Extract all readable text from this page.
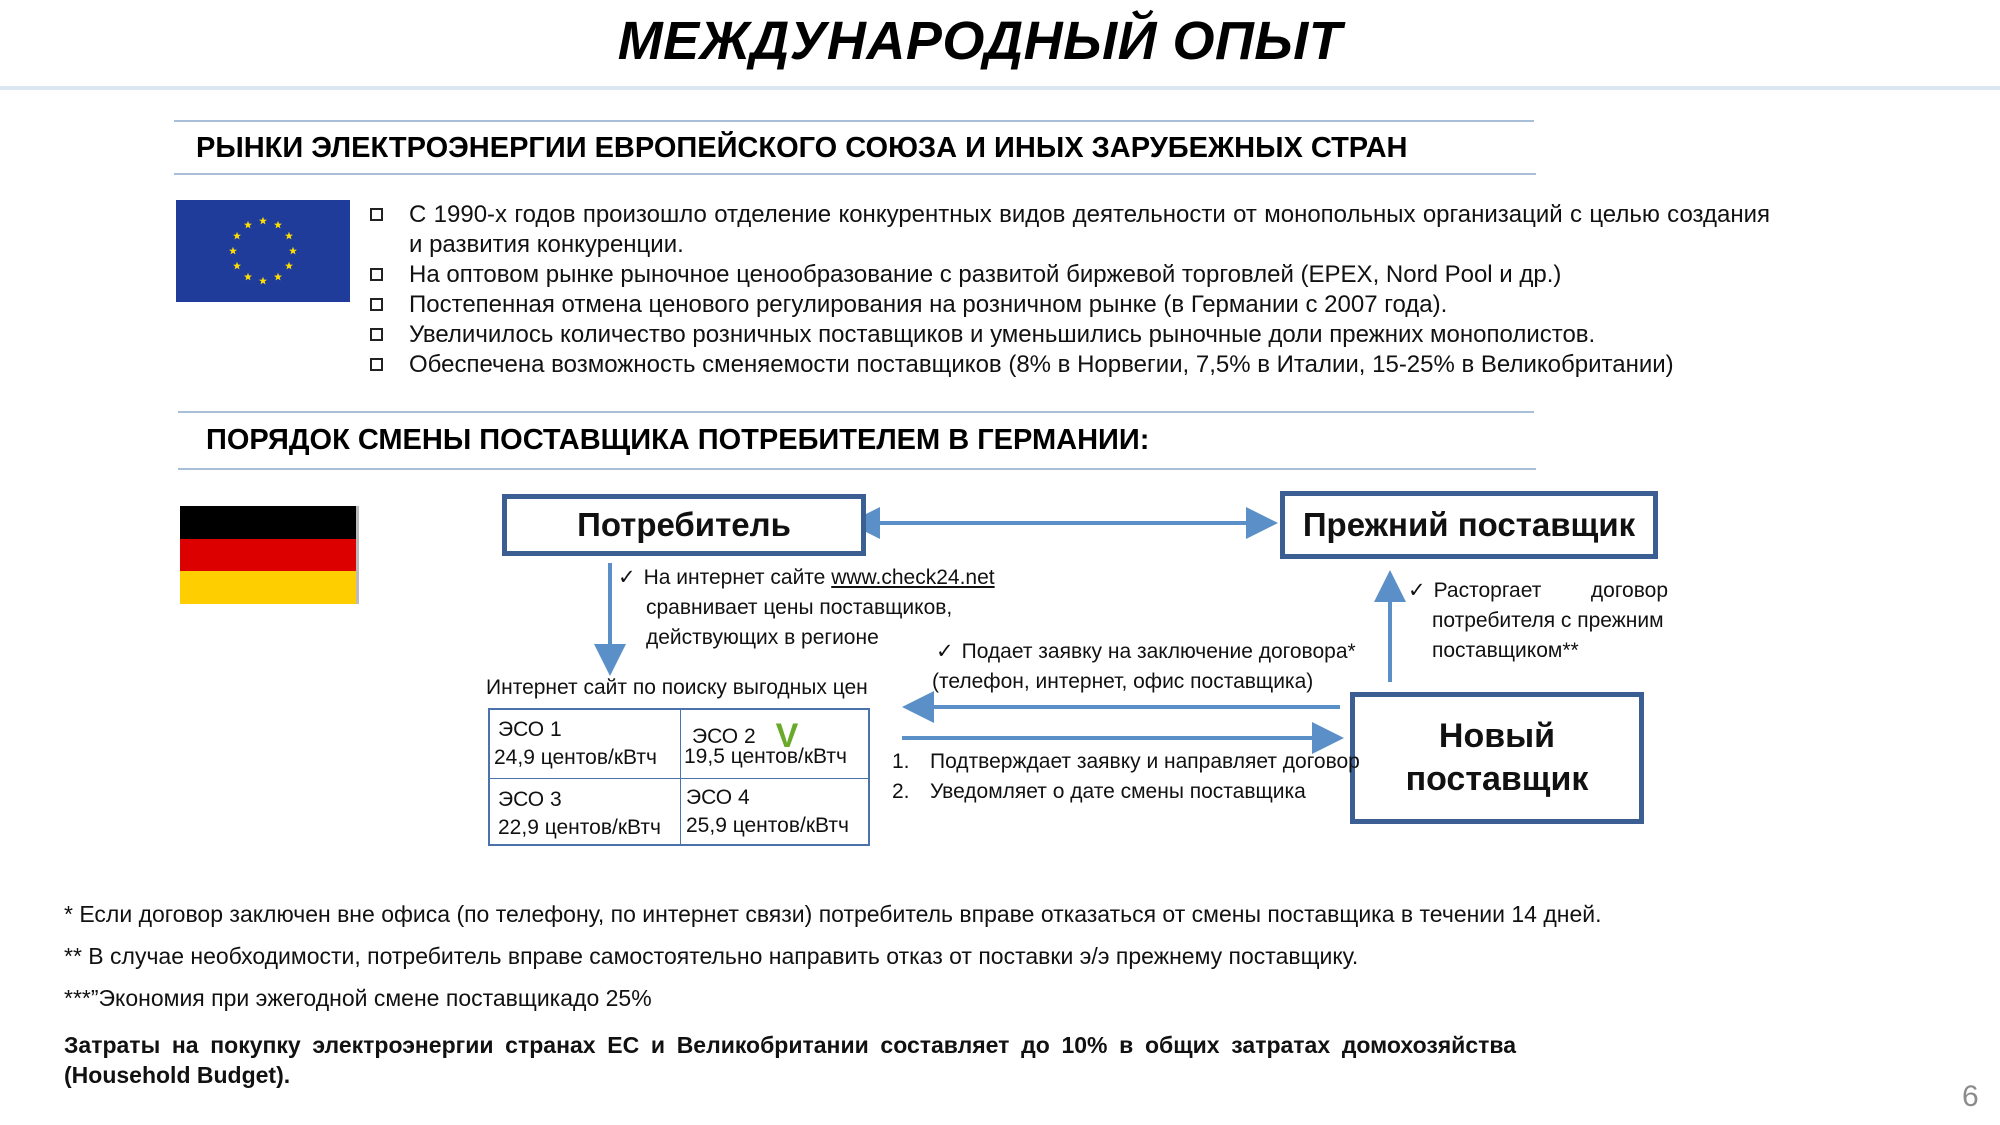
МЕЖДУНАРОДНЫЙ ОПЫТ
РЫНКИ ЭЛЕКТРОЭНЕРГИИ ЕВРОПЕЙСКОГО СОЮЗА И ИНЫХ ЗАРУБЕЖНЫХ СТРАН
С 1990-х годов произошло отделение конкурентных видов деятельности от монопольных организаций с целью создания и развития конкуренции.
На оптовом рынке рыночное ценообразование с развитой биржевой торговлей (EPEX, Nord Pool и др.)
Постепенная отмена ценового регулирования на розничном рынке (в Германии с 2007 года).
Увеличилось количество розничных поставщиков и уменьшились рыночные доли прежних монополистов.
Обеспечена возможность сменяемости поставщиков (8% в Норвегии, 7,5% в Италии, 15-25% в Великобритании)
ПОРЯДОК СМЕНЫ ПОСТАВЩИКА ПОТРЕБИТЕЛЕМ В ГЕРМАНИИ:
Потребитель	Прежний поставщик
Новый
поставщик
✓ На интернет сайте www.check24.net
сравнивает цены поставщиков,
действующих в регионе
Интернет сайт по поиску выгодных цен
ЭСО 1
24,9 центов/кВтч
ЭСО 2 V
19,5 центов/кВтч
ЭСО 3
22,9 центов/кВтч
ЭСО 4
25,9 центов/кВтч
✓ Подает заявку на заключение договора*
(телефон, интернет, офис поставщика)
✓ Расторгает договор
потребителя с прежним
поставщиком**
1. Подтверждает заявку и направляет договор
2. Уведомляет о дате смены поставщика
* Если договор заключен вне офиса (по телефону, по интернет связи) потребитель вправе отказаться от смены поставщика в течении 14 дней.
** В случае необходимости, потребитель вправе самостоятельно направить отказ от поставки э/э прежнему поставщику.
***”Экономия при эжегодной смене поставщикадо 25%
Затраты на покупку электроэнергии странах ЕС и Великобритании составляет до 10% в общих затратах домохозяйства (Household Budget).
6
